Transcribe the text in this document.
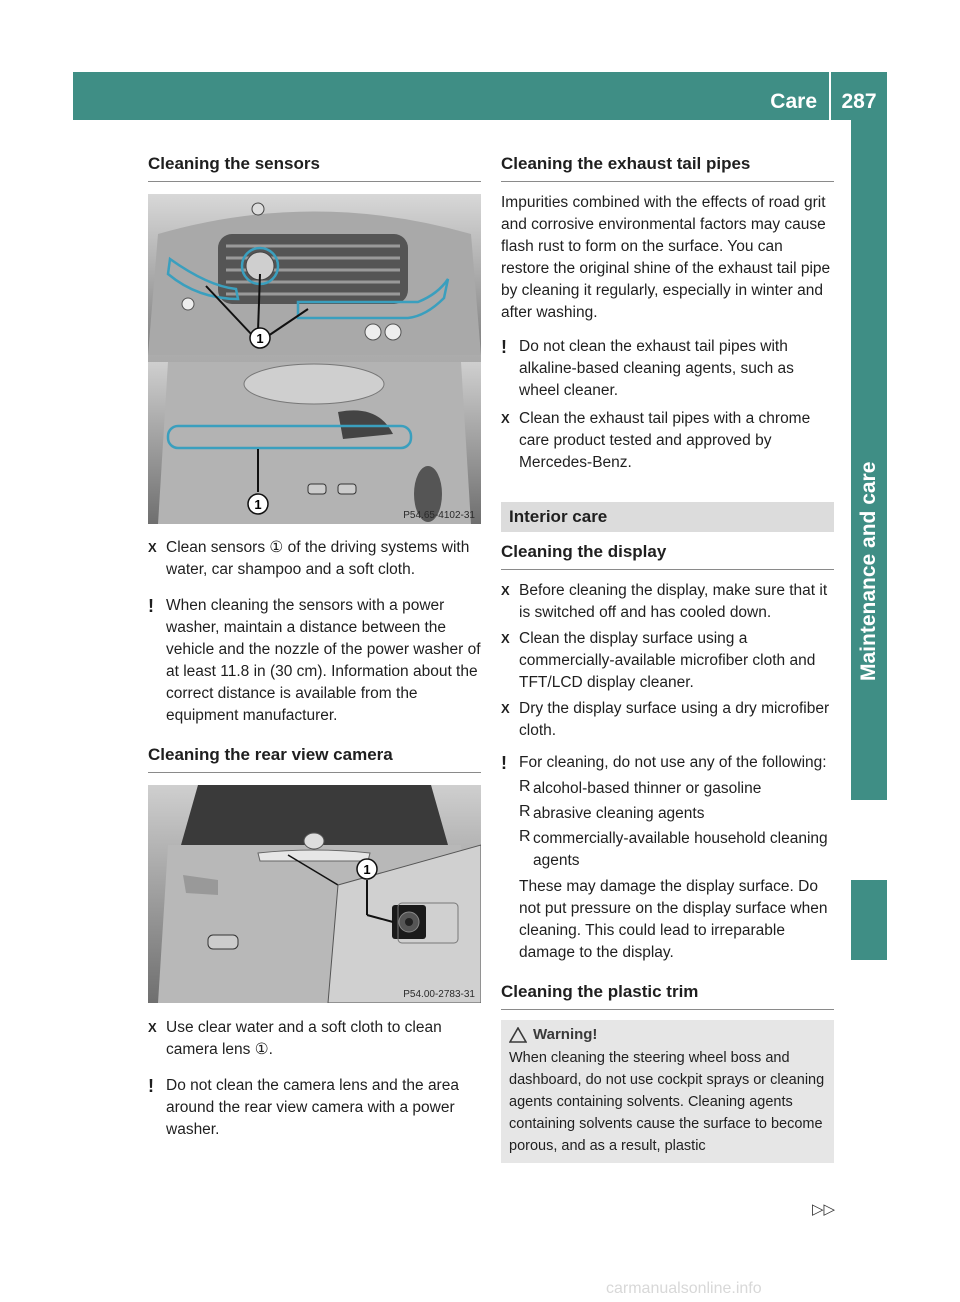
Care	287
Maintenance and care
Cleaning the sensors
1
1
P54.65-4102-31
X Clean sensors ① of the driving systems with water, car shampoo and a soft cloth.
! When cleaning the sensors with a power washer, maintain a distance between the vehicle and the nozzle of the power washer of at least 11.8 in (30 cm). Information about the correct distance is available from the equipment manufacturer.
Cleaning the rear view camera
1
P54.00-2783-31
X Use clear water and a soft cloth to clean camera lens ①.
! Do not clean the camera lens and the area around the rear view camera with a power washer.
Cleaning the exhaust tail pipes

Impurities combined with the effects of road grit and corrosive environmental factors may cause flash rust to form on the surface. You can restore the original shine of the exhaust tail pipe by cleaning it regularly, especially in winter and after washing.

! Do not clean the exhaust tail pipes with alkaline-based cleaning agents, such as wheel cleaner.
X Clean the exhaust tail pipes with a chrome care product tested and approved by Mercedes-Benz.
Interior care
Cleaning the display
X Before cleaning the display, make sure that it is switched off and has cooled down.
X Clean the display surface using a commercially-available microfiber cloth and TFT/LCD display cleaner.
X Dry the display surface using a dry microfiber cloth.
! For cleaning, do not use any of the following:
R alcohol-based thinner or gasoline

R abrasive cleaning agents

R commercially-available household cleaning agents

These may damage the display surface. Do not put pressure on the display surface when cleaning. This could lead to irreparable damage to the display.

Cleaning the plastic trim
Warning!

When cleaning the steering wheel boss and dashboard, do not use cockpit sprays or cleaning agents containing solvents. Cleaning agents containing solvents cause the surface to become porous, and as a result, plastic

▷▷
carmanualsonline.info
